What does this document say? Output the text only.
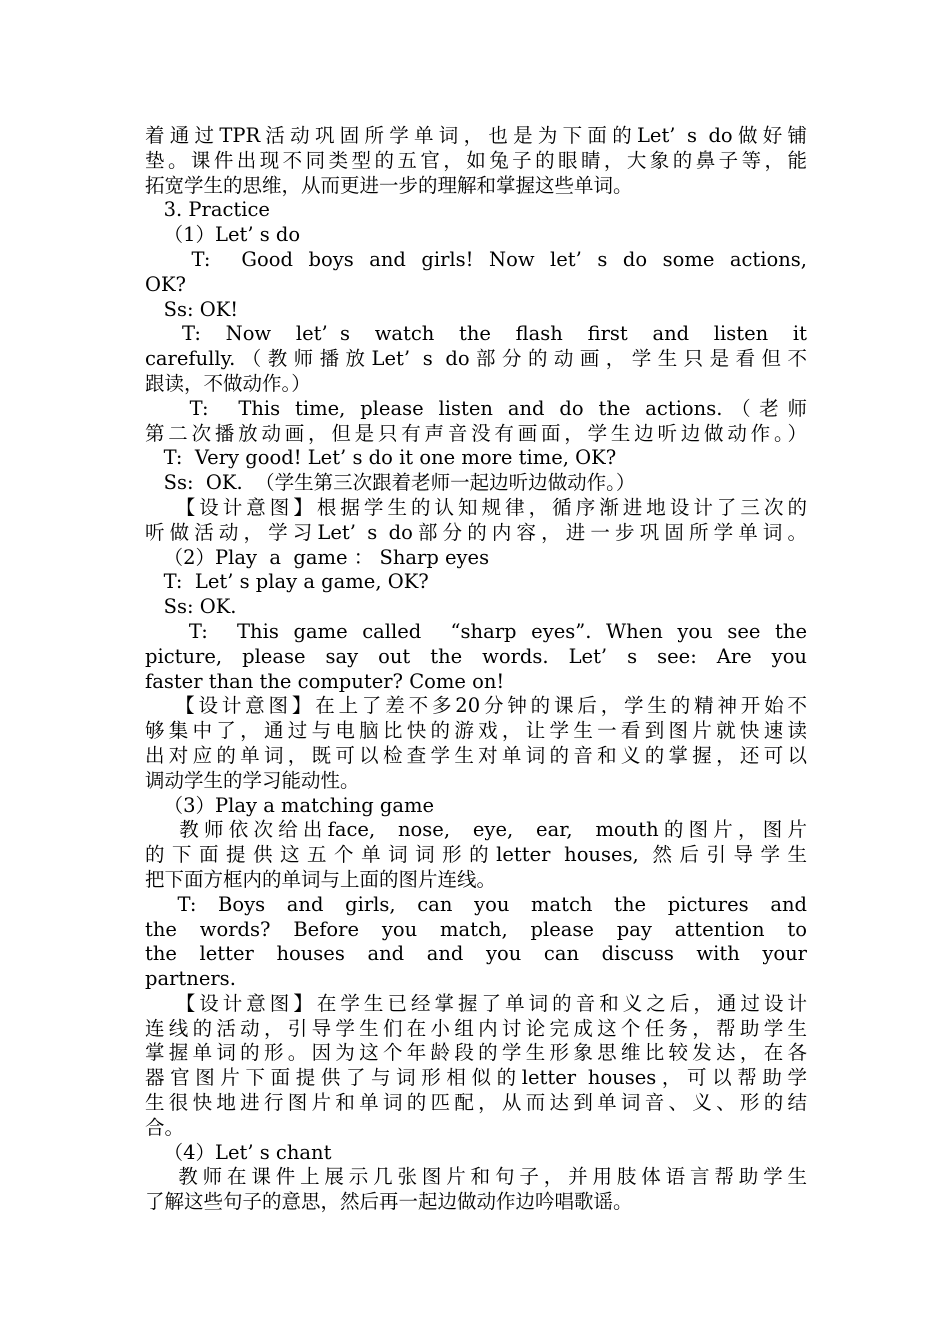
着通过TPR活动巩固所学单词，也是为下面的Let’ s do做好铺
垫。课件出现不同类型的五官，如兔子的眼睛，大象的鼻子等，能
拓宽学生的思维，从而更进一步的理解和掌握这些单词。
3. Practice
（1）Let’ s do
T:  Good boys and girls! Now let’ s do some actions,
OK?
Ss: OK!
T:  Now  let’ s  watch  the  flash  first  and  listen  it
carefully.（教师播放Let’ s do部分的动画，学生只是看但不
跟读，不做动作。）
T:  This time, please listen and do the actions.（老师
第二次播放动画，但是只有声音没有画面，学生边听边做动作。）
T:  Very good! Let’ s do it one more time, OK?
Ss:  OK.  （学生第三次跟着老师一起边听边做动作。）
【设计意图】根据学生的认知规律，循序渐进地设计了三次的
听做活动，学习Let’ s do部分的内容，进一步巩固所学单词。
（2）Play  a  game ： Sharp eyes
T:  Let’ s play a game, OK?
Ss: OK.
T:  This game called  “sharp eyes”. When you see the
picture, please say out the words. Let’ s see: Are you
faster than the computer? Come on!
【设计意图】在上了差不多20分钟的课后，学生的精神开始不
够集中了，通过与电脑比快的游戏，让学生一看到图片就快速读
出对应的单词，既可以检查学生对单词的音和义的掌握，还可以
调动学生的学习能动性。
（3）Play a matching game
教师依次给出face,  nose,  eye,  ear,  mouth的图片，图片
的下面提供这五个单词词形的letter houses, 然后引导学生
把下面方框内的单词与上面的图片连线。
T:  Boys  and  girls,  can  you  match  the  pictures  and
the  words?  Before  you  match,  please  pay  attention  to
the  letter  houses  and  and  you  can  discuss  with  your
partners.
【设计意图】在学生已经掌握了单词的音和义之后，通过设计
连线的活动，引导学生们在小组内讨论完成这个任务，帮助学生
掌握单词的形。因为这个年龄段的学生形象思维比较发达，在各
器官图片下面提供了与词形相似的letter houses，可以帮助学
生很快地进行图片和单词的匹配，从而达到单词音、义、形的结
合。
（4）Let’ s chant
教师在课件上展示几张图片和句子，并用肢体语言帮助学生
了解这些句子的意思，然后再一起边做动作边吟唱歌谣。
